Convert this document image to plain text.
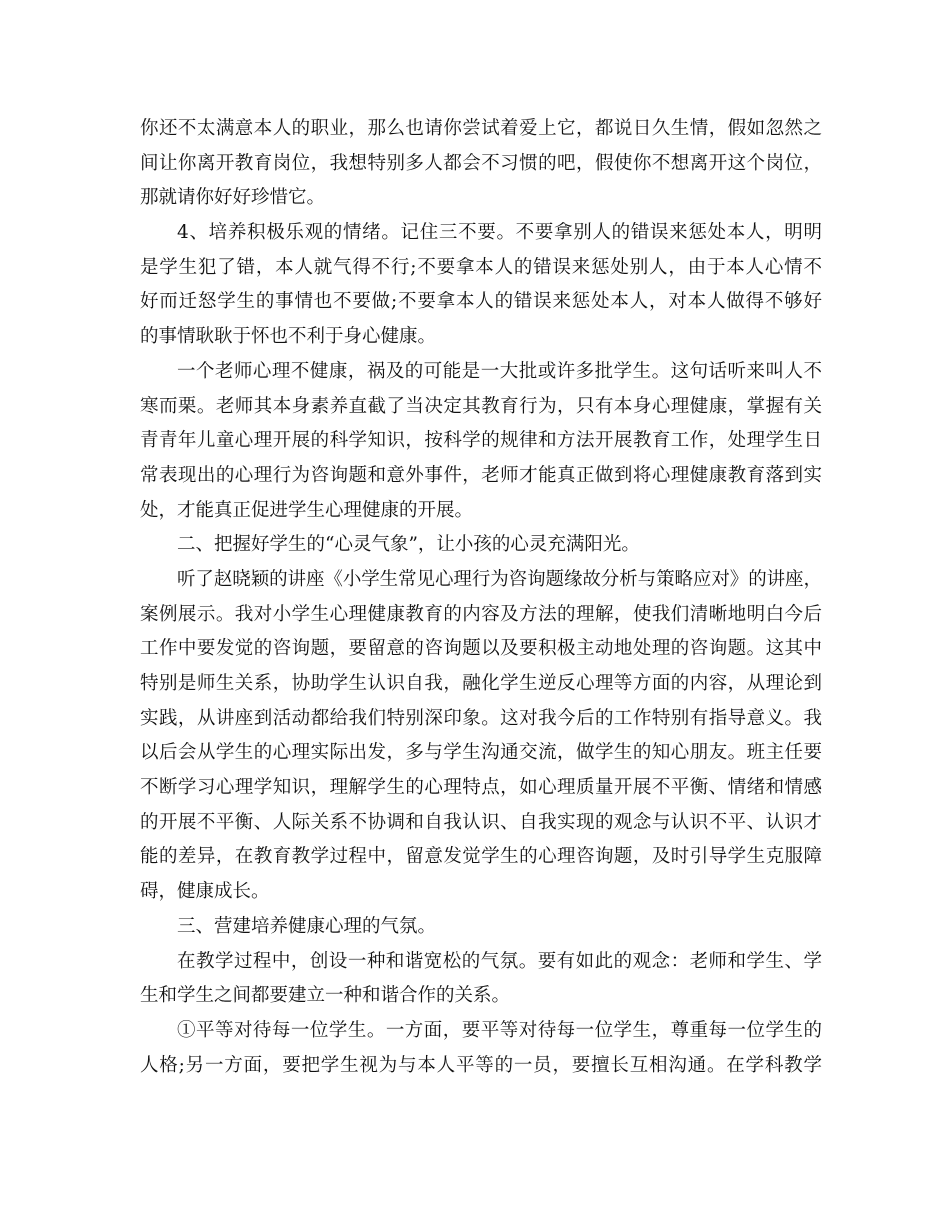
你还不太满意本人的职业，那么也请你尝试着爱上它，都说日久生情，假如忽然之
间让你离开教育岗位，我想特别多人都会不习惯的吧，假使你不想离开这个岗位，
那就请你好好珍惜它。
4、培养积极乐观的情绪。记住三不要。不要拿别人的错误来惩处本人，明明
是学生犯了错，本人就气得不行;不要拿本人的错误来惩处别人，由于本人心情不
好而迁怒学生的事情也不要做;不要拿本人的错误来惩处本人，对本人做得不够好
的事情耿耿于怀也不利于身心健康。
一个老师心理不健康，祸及的可能是一大批或许多批学生。这句话听来叫人不
寒而栗。老师其本身素养直截了当决定其教育行为，只有本身心理健康，掌握有关
青青年儿童心理开展的科学知识，按科学的规律和方法开展教育工作，处理学生日
常表现出的心理行为咨询题和意外事件，老师才能真正做到将心理健康教育落到实
处，才能真正促进学生心理健康的开展。
二、把握好学生的“心灵气象”，让小孩的心灵充满阳光。
听了赵晓颖的讲座《小学生常见心理行为咨询题缘故分析与策略应对》的讲座，
案例展示。我对小学生心理健康教育的内容及方法的理解，使我们清晰地明白今后
工作中要发觉的咨询题，要留意的咨询题以及要积极主动地处理的咨询题。这其中
特别是师生关系，协助学生认识自我，融化学生逆反心理等方面的内容，从理论到
实践，从讲座到活动都给我们特别深印象。这对我今后的工作特别有指导意义。我
以后会从学生的心理实际出发，多与学生沟通交流，做学生的知心朋友。班主任要
不断学习心理学知识，理解学生的心理特点，如心理质量开展不平衡、情绪和情感
的开展不平衡、人际关系不协调和自我认识、自我实现的观念与认识不平、认识才
能的差异，在教育教学过程中，留意发觉学生的心理咨询题，及时引导学生克服障
碍，健康成长。
三、营建培养健康心理的气氛。
在教学过程中，创设一种和谐宽松的气氛。要有如此的观念：老师和学生、学
生和学生之间都要建立一种和谐合作的关系。
①平等对待每一位学生。一方面，要平等对待每一位学生，尊重每一位学生的
人格;另一方面，要把学生视为与本人平等的一员，要擅长互相沟通。在学科教学
